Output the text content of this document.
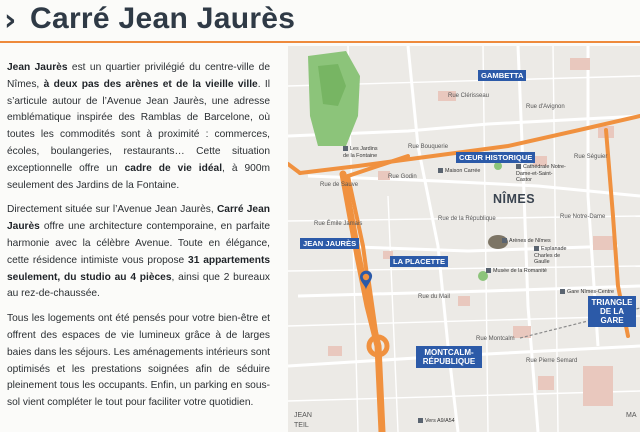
› Carré Jean Jaurès

Jean Jaurès est un quartier privilégié du centre-ville de Nîmes, à deux pas des arènes et de la vieille ville. Il s’articule autour de l’Avenue Jean Jaurès, une adresse emblématique inspirée des Ramblas de Barcelone, où toutes les commodités sont à proximité : commerces, écoles, boulangeries, restaurants… Cette situation exceptionnelle offre un cadre de vie idéal, à 900m seulement des Jardins de la Fontaine.

Directement située sur l’Avenue Jean Jaurès, Carré Jean Jaurès offre une architecture contemporaine, en parfaite harmonie avec la célèbre Avenue. Toute en élégance, cette résidence intimiste vous propose 31 appartements seulement, du studio au 4 pièces, ainsi que 2 bureaux au rez-de-chaussée.

Tous les logements ont été pensés pour votre bien-être et offrent des espaces de vie lumineux grâce à de larges baies dans les séjours. Les aménagements intérieurs sont optimisés et les prestations soignées afin de séduire pleinement tous les occupants. Enfin, un parking en sous-sol vient compléter le tout pour faciliter votre quotidien.

NÎMES
GAMBETTA
CŒUR HISTORIQUE
JEAN JAURÈS
LA PLACETTE
TRIANGLE DE LA GARE
MONTCALM-RÉPUBLIQUE
Les Jardins de la Fontaine
Maison Carrée
Cathédrale Notre-Dame-et-Saint-Castor
Arènes de Nîmes
Esplanade Charles de Gaulle
Musée de la Romanité
Gare Nîmes-Centre
Vers A9/A54
Rue de Sauve
Rue Clérisseau
Rue Bouquerie
Rue d'Avignon
Rue Séguier
Rue de la République
Rue du Mail
Rue Émile Jamais
Rue Godin
Rue Notre-Dame
Rue Montcalm
Rue Pierre Semard
JEAN
TEIL
MA
